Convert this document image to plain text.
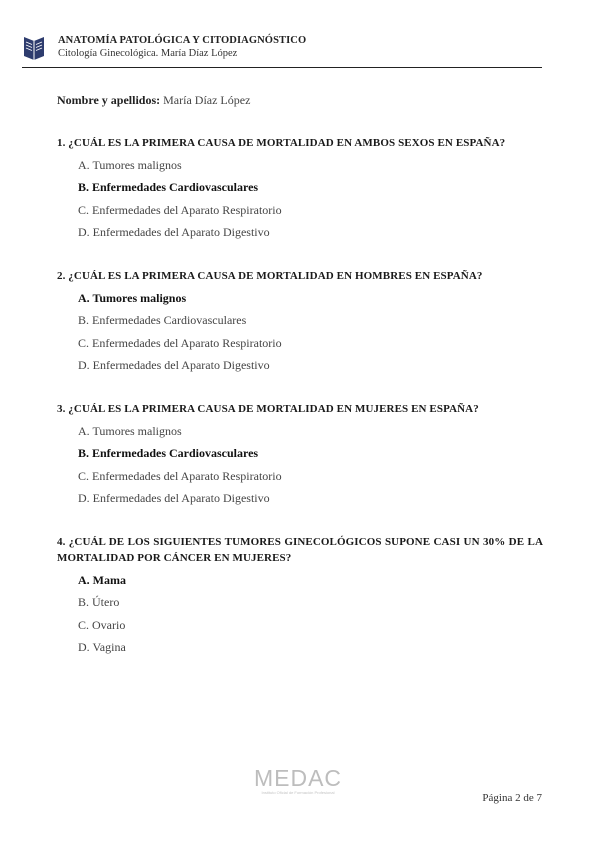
ANATOMÍA PATOLÓGICA Y CITODIAGNÓSTICO
Citología Ginecológica. María Díaz López
Nombre y apellidos: María Díaz López
1. ¿CUÁL ES LA PRIMERA CAUSA DE MORTALIDAD EN AMBOS SEXOS EN ESPAÑA?
A. Tumores malignos
B. Enfermedades Cardiovasculares
C. Enfermedades del Aparato Respiratorio
D. Enfermedades del Aparato Digestivo
2. ¿CUÁL ES LA PRIMERA CAUSA DE MORTALIDAD EN HOMBRES EN ESPAÑA?
A. Tumores malignos
B. Enfermedades Cardiovasculares
C. Enfermedades del Aparato Respiratorio
D. Enfermedades del Aparato Digestivo
3. ¿CUÁL ES LA PRIMERA CAUSA DE MORTALIDAD EN MUJERES EN ESPAÑA?
A. Tumores malignos
B. Enfermedades Cardiovasculares
C. Enfermedades del Aparato Respiratorio
D. Enfermedades del Aparato Digestivo
4. ¿CUÁL DE LOS SIGUIENTES TUMORES GINECOLÓGICOS SUPONE CASI UN 30% DE LA MORTALIDAD POR CÁNCER EN MUJERES?
A. Mama
B. Útero
C. Ovario
D. Vagina
MEDAC
Instituto Oficial de Formación Profesional	Página 2 de 7
